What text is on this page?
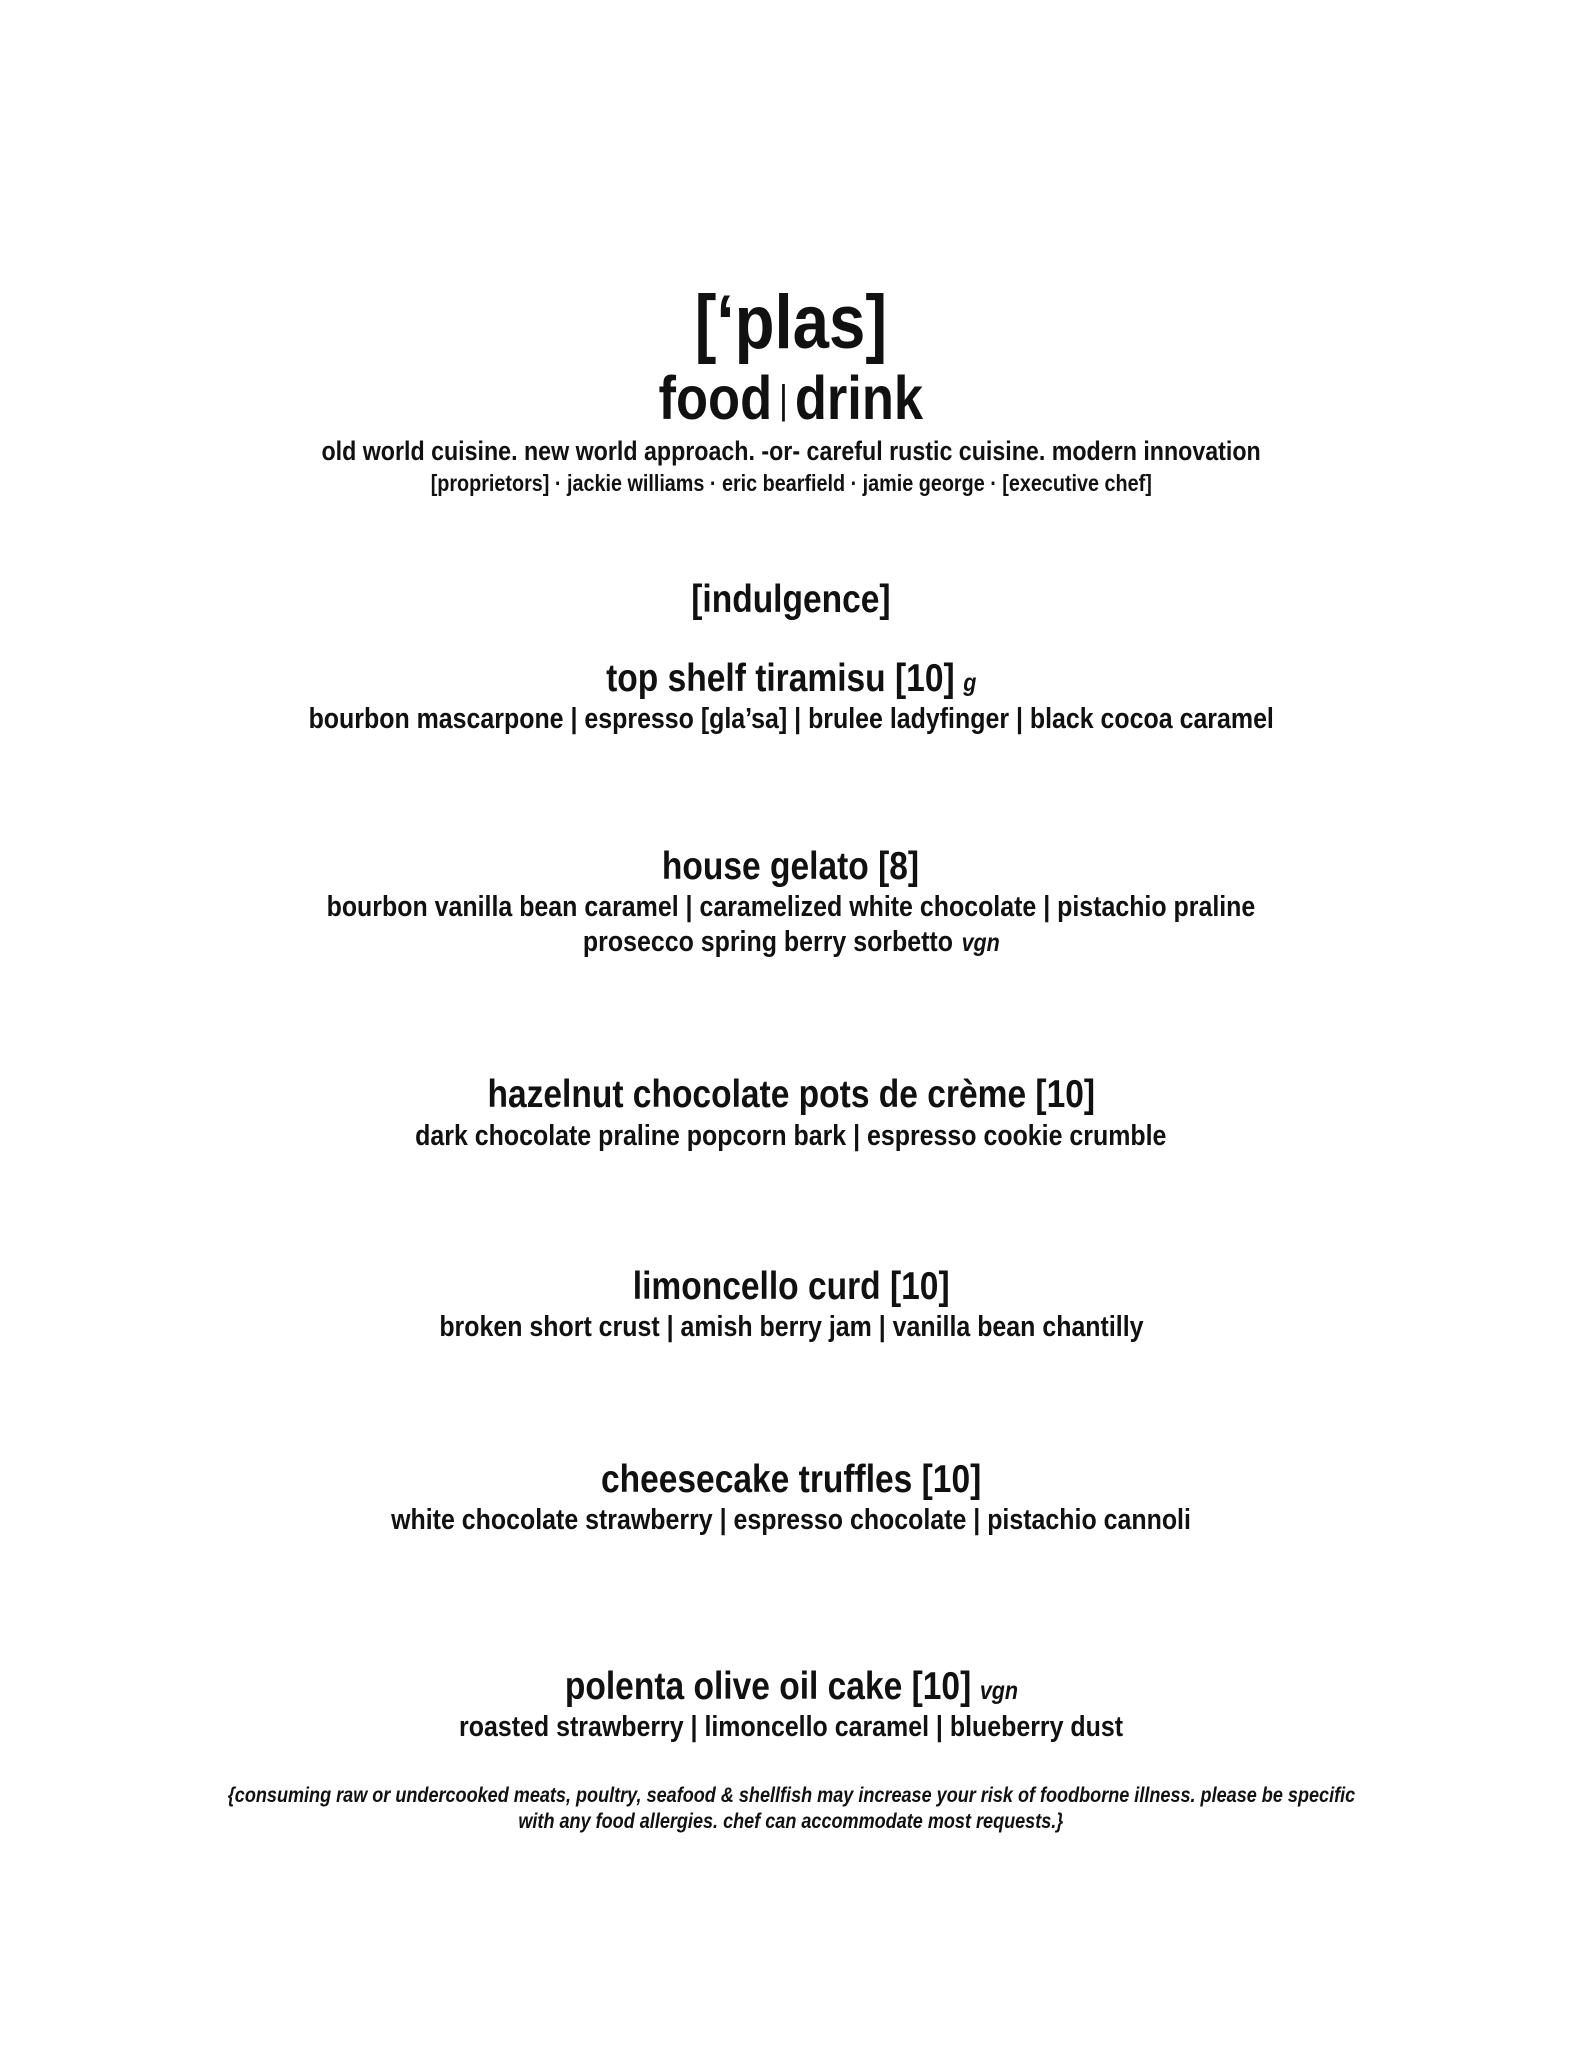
[‘plas]
food | drink
old world cuisine. new world approach. -or- careful rustic cuisine. modern innovation
[proprietors] · jackie williams · eric bearfield · jamie george · [executive chef]
[indulgence]
top shelf tiramisu [10] g
bourbon mascarpone | espresso [gla’sa] | brulee ladyfinger | black cocoa caramel
house gelato [8]
bourbon vanilla bean caramel | caramelized white chocolate | pistachio praline
prosecco spring berry sorbetto vgn
hazelnut chocolate pots de crème [10]
dark chocolate praline popcorn bark | espresso cookie crumble
limoncello curd [10]
broken short crust | amish berry jam | vanilla bean chantilly
cheesecake truffles [10]
white chocolate strawberry | espresso chocolate | pistachio cannoli
polenta olive oil cake [10] vgn
roasted strawberry | limoncello caramel | blueberry dust
{consuming raw or undercooked meats, poultry, seafood & shellfish may increase your risk of foodborne illness. please be specific
with any food allergies. chef can accommodate most requests.}
